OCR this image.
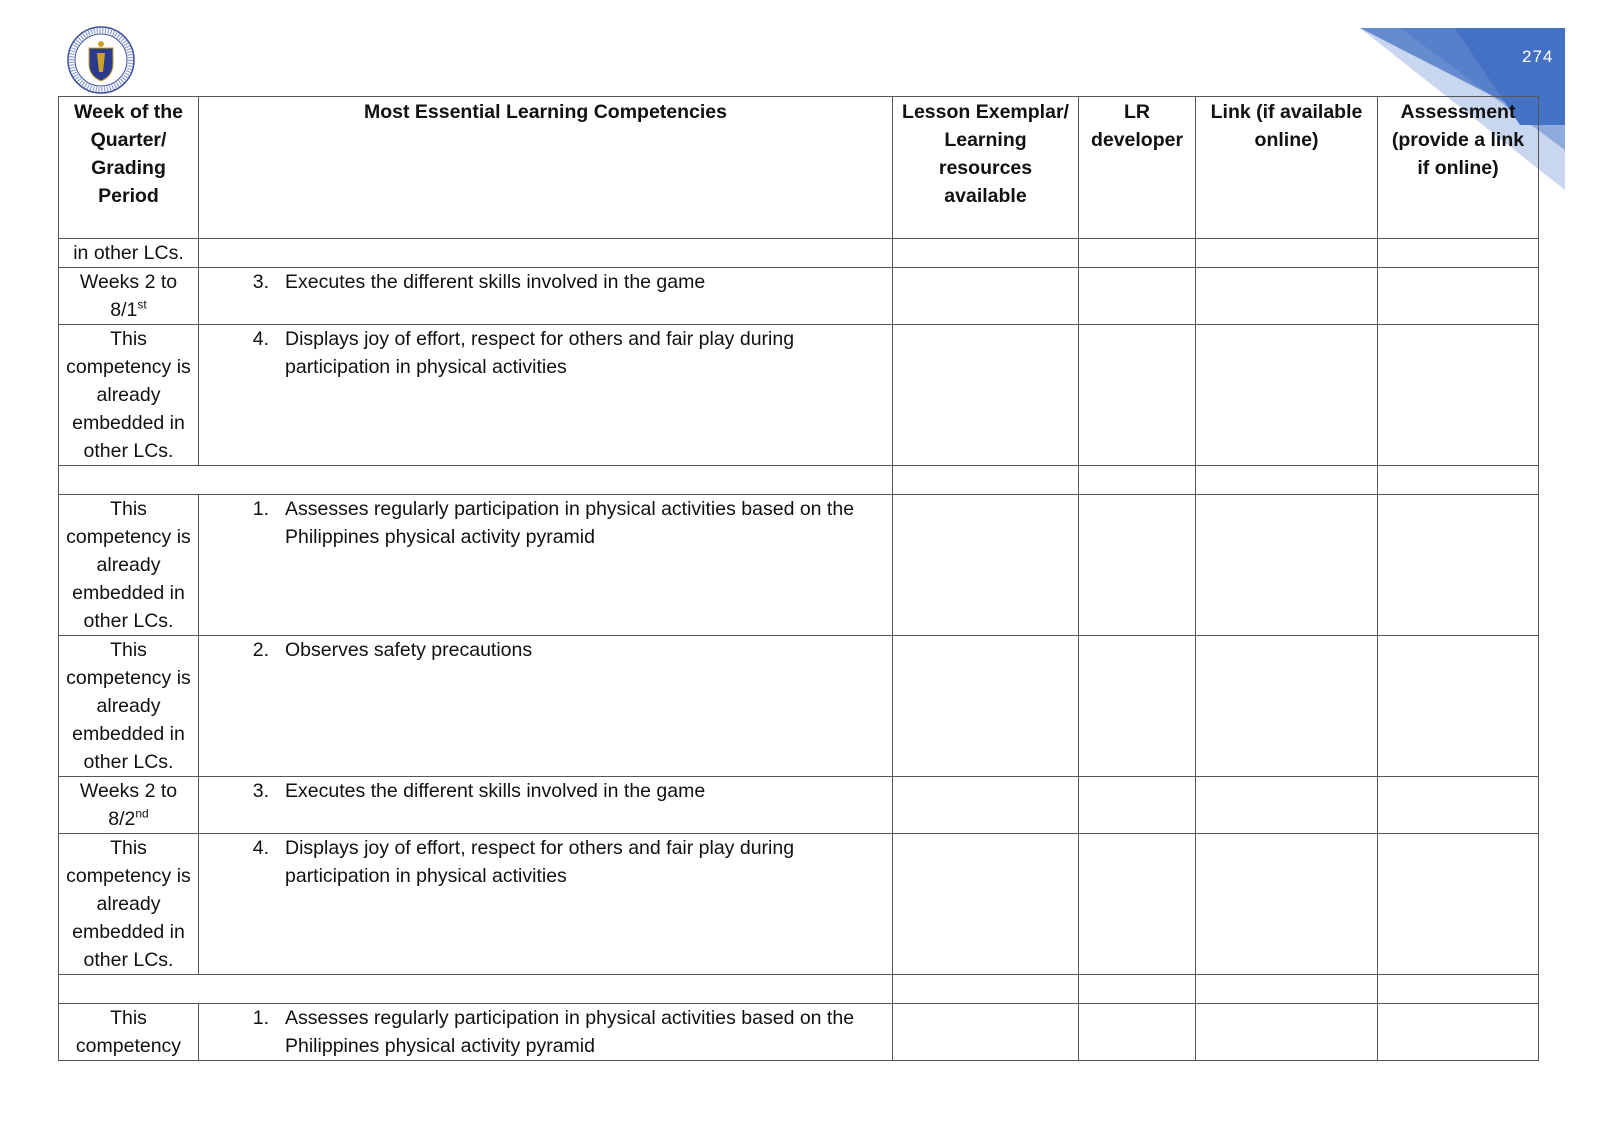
274
Week of the Quarter/ Grading Period	Most Essential Learning Competencies	Lesson Exemplar/ Learning resources available	LR developer	Link (if available online)	Assessment (provide a link if online)
in other LCs.					
Weeks 2 to 8/1st	3. Executes the different skills involved in the game				

This competency is already embedded in other LCs.	4. Displays joy of effort, respect for others and fair play during participation in physical activities				

This competency is already embedded in other LCs.	1. Assesses regularly participation in physical activities based on the Philippines physical activity pyramid				

This competency is already embedded in other LCs.	2. Observes safety precautions				

Weeks 2 to 8/2nd	3. Executes the different skills involved in the game				

This competency is already embedded in other LCs.	4. Displays joy of effort, respect for others and fair play during participation in physical activities				

This competency	1. Assesses regularly participation in physical activities based on the Philippines physical activity pyramid				
